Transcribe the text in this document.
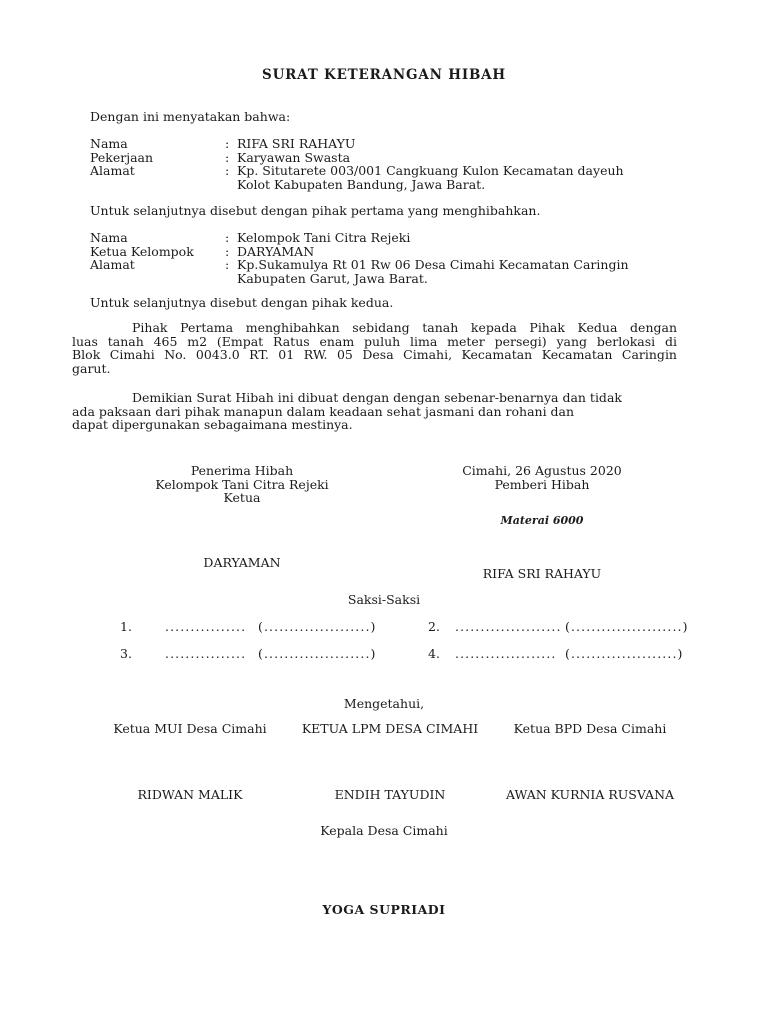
SURAT KETERANGAN HIBAH
Dengan ini menyatakan bahwa:
Nama	: RIFA SRI RAHAYU
Pekerjaan	: Karyawan Swasta
Alamat	: Kp. Situtarete 003/001 Cangkuang Kulon Kecamatan dayeuh
Kolot Kabupaten Bandung, Jawa Barat.
Untuk selanjutnya disebut dengan pihak pertama yang menghibahkan.
Nama	: Kelompok Tani Citra Rejeki
Ketua Kelompok	: DARYAMAN
Alamat	: Kp.Sukamulya Rt 01 Rw 06 Desa Cimahi Kecamatan Caringin
Kabupaten Garut, Jawa Barat.
Untuk selanjutnya disebut dengan pihak kedua.
Pihak Pertama menghibahkan sebidang tanah kepada Pihak Kedua dengan
luas tanah 465 m2 (Empat Ratus enam puluh lima meter persegi) yang berlokasi di
Blok Cimahi No. 0043.0 RT. 01 RW. 05 Desa Cimahi, Kecamatan Kecamatan Caringin
garut.
Demikian Surat Hibah ini dibuat dengan dengan sebenar-benarnya dan tidak
ada paksaan dari pihak manapun dalam keadaan sehat jasmani dan rohani dan
dapat dipergunakan sebagaimana mestinya.
Penerima Hibah
Kelompok Tani Citra Rejeki
Ketua
Cimahi, 26 Agustus 2020
Pemberi Hibah
Materai 6000
DARYAMAN
RIFA SRI RAHAYU
Saksi-Saksi
1.	................ (.....................)	2. ..................... (......................)
3.	................ (.....................)	4. .................... (.....................)
Mengetahui,
Ketua MUI Desa Cimahi	KETUA LPM DESA CIMAHI	Ketua BPD Desa Cimahi
RIDWAN MALIK	ENDIH TAYUDIN	AWAN KURNIA RUSVANA
Kepala Desa Cimahi
YOGA SUPRIADI
